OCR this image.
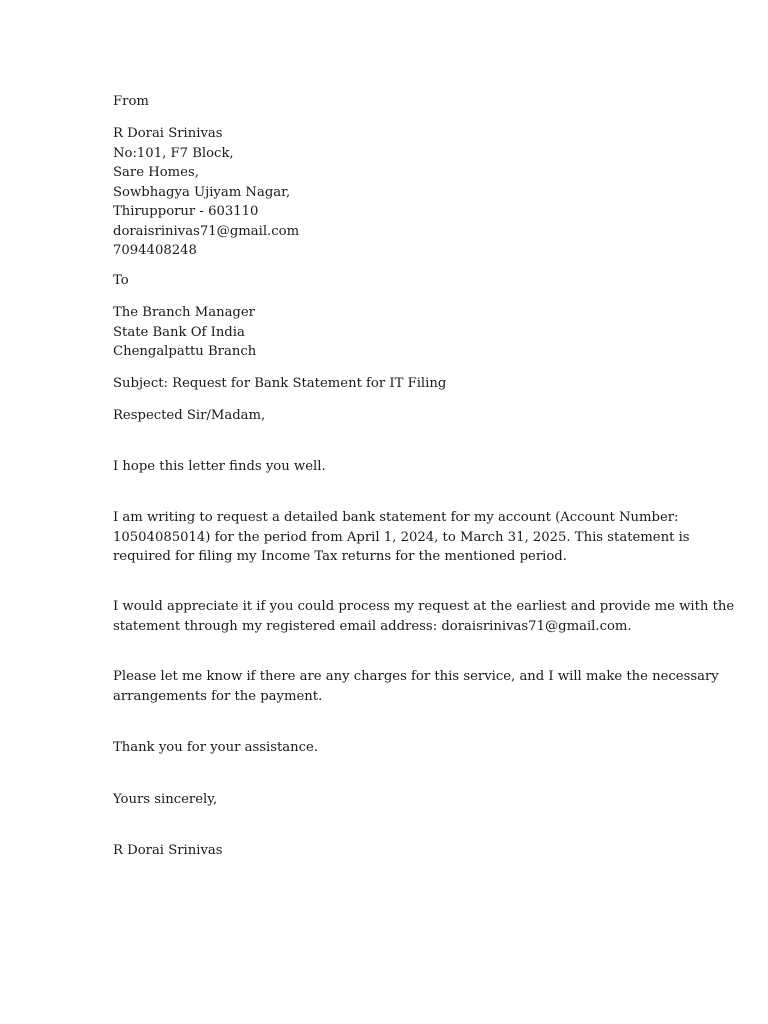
From
R Dorai Srinivas
No:101, F7 Block,
Sare Homes,
Sowbhagya Ujiyam Nagar,
Thirupporur - 603110
doraisrinivas71@gmail.com
7094408248
To
The Branch Manager
State Bank Of India
Chengalpattu Branch
Subject: Request for Bank Statement for IT Filing
Respected Sir/Madam,
I hope this letter finds you well.
I am writing to request a detailed bank statement for my account (Account Number:
10504085014) for the period from April 1, 2024, to March 31, 2025. This statement is
required for filing my Income Tax returns for the mentioned period.
I would appreciate it if you could process my request at the earliest and provide me with the
statement through my registered email address: doraisrinivas71@gmail.com.
Please let me know if there are any charges for this service, and I will make the necessary
arrangements for the payment.
Thank you for your assistance.
Yours sincerely,
R Dorai Srinivas
